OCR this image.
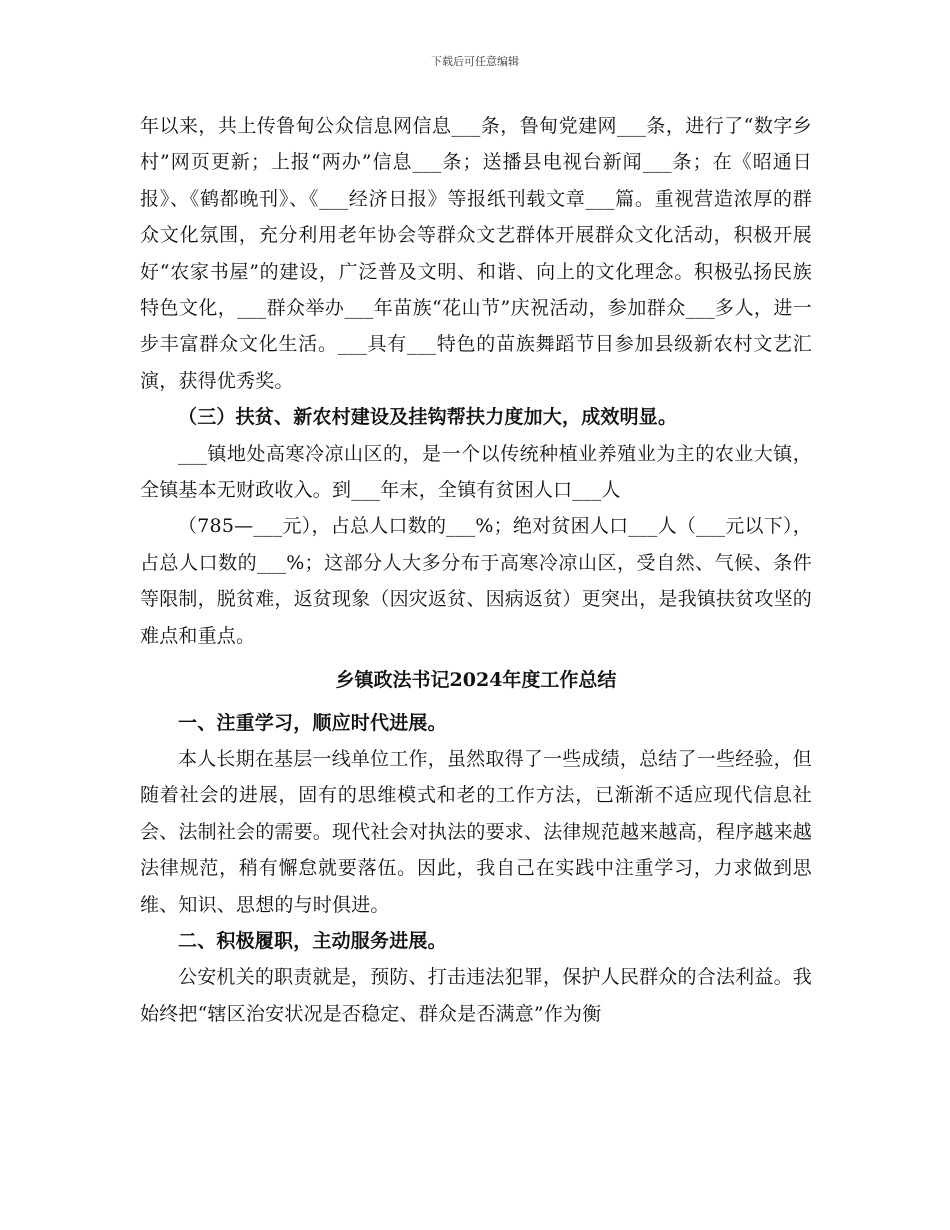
下载后可任意编辑

年以来，共上传鲁甸公众信息网信息___条，鲁甸党建网___条，进行了“数字乡村”网页更新；上报“两办”信息___条；送播县电视台新闻___条；在《昭通日报》、《鹤都晚刊》、《___经济日报》等报纸刊载文章___篇。重视营造浓厚的群众文化氛围，充分利用老年协会等群众文艺群体开展群众文化活动，积极开展好“农家书屋”的建设，广泛普及文明、和谐、向上的文化理念。积极弘扬民族特色文化，___群众举办___年苗族“花山节”庆祝活动，参加群众___多人，进一步丰富群众文化生活。___具有___特色的苗族舞蹈节目参加县级新农村文艺汇演，获得优秀奖。

（三）扶贫、新农村建设及挂钩帮扶力度加大，成效明显。

___镇地处高寒冷凉山区的，是一个以传统种植业养殖业为主的农业大镇，全镇基本无财政收入。到___年末，全镇有贫困人口___人

（785—___元），占总人口数的___%；绝对贫困人口___人（___元以下），占总人口数的___%；这部分人大多分布于高寒冷凉山区，受自然、气候、条件等限制，脱贫难，返贫现象（因灾返贫、因病返贫）更突出，是我镇扶贫攻坚的难点和重点。

乡镇政法书记2024年度工作总结

一、注重学习，顺应时代进展。

本人长期在基层一线单位工作，虽然取得了一些成绩，总结了一些经验，但随着社会的进展，固有的思维模式和老的工作方法，已渐渐不适应现代信息社会、法制社会的需要。现代社会对执法的要求、法律规范越来越高，程序越来越法律规范，稍有懈怠就要落伍。因此，我自己在实践中注重学习，力求做到思维、知识、思想的与时俱进。

二、积极履职，主动服务进展。

公安机关的职责就是，预防、打击违法犯罪，保护人民群众的合法利益。我始终把“辖区治安状况是否稳定、群众是否满意”作为衡
